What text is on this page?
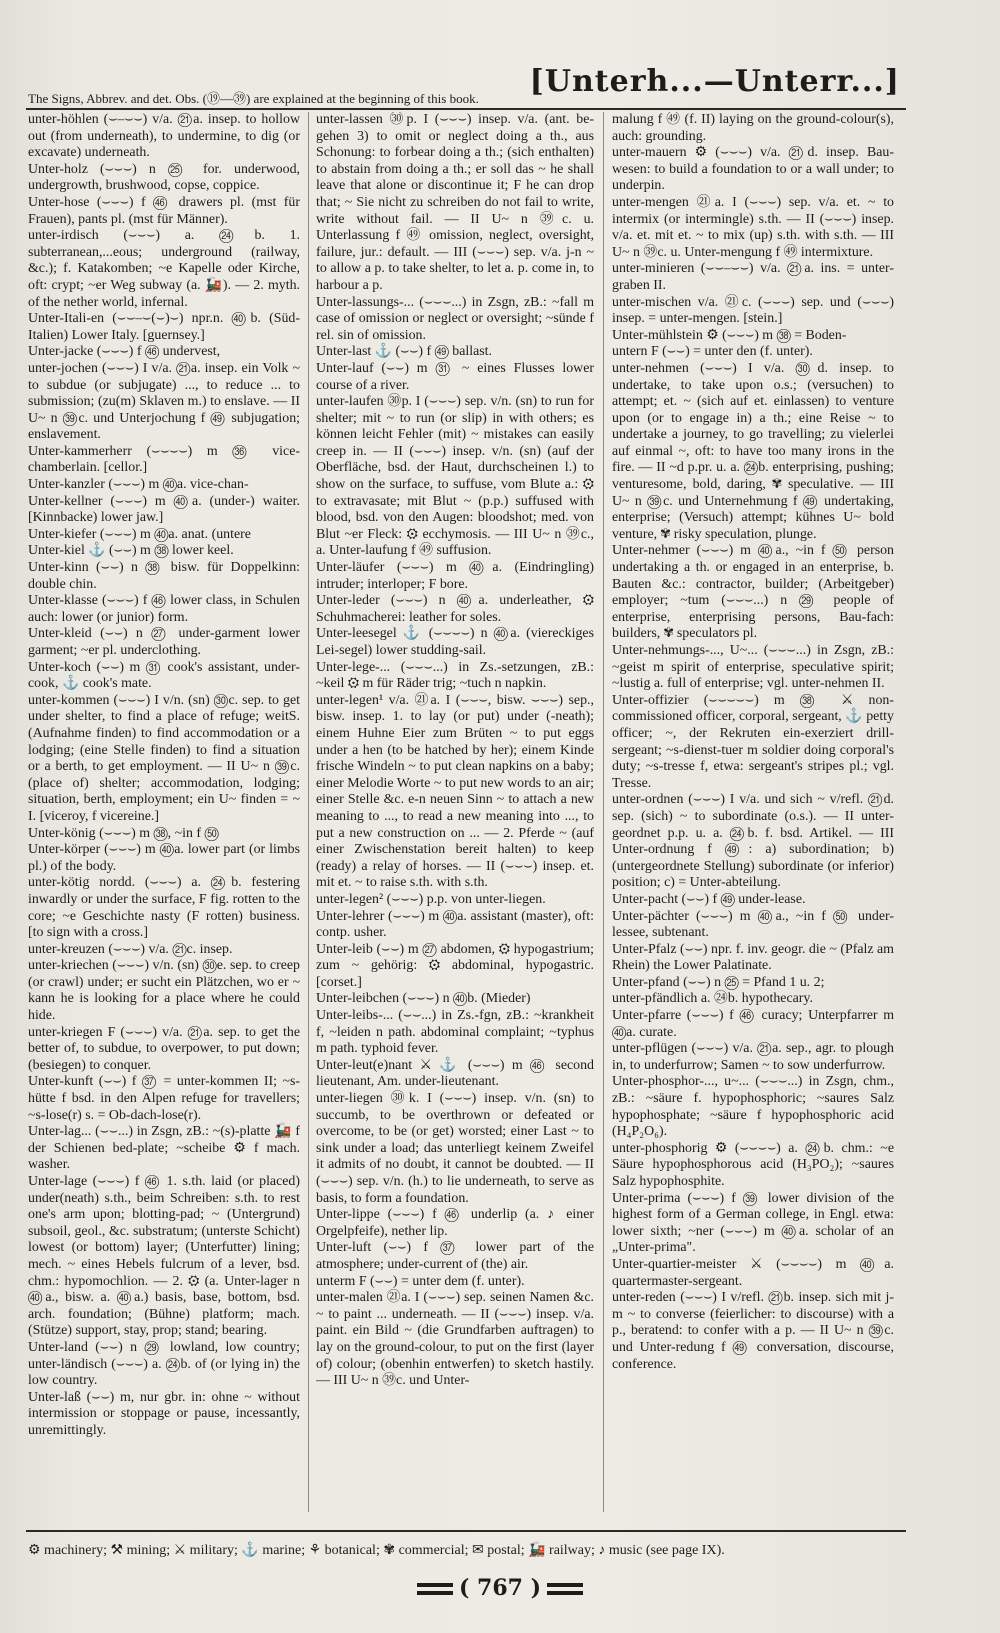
The Signs, Abbrev. and det. Obs. (⑲—㊴) are explained at the beginning of this book. [Unterh...—Unterr...]

unter-höhlen (⌣–⌣⌣) v/a. ㉑a. insep. to hollow out (from underneath), to undermine, to dig (or excavate) underneath.

Unter-holz (⌣⌣⌣) n ㉕ for. underwood, undergrowth, brushwood, copse, coppice.

Unter-hose (⌣⌣⌣) f ㊻ drawers pl. (mst für Frauen), pants pl. (mst für Männer).

unter-irdisch (⌣⌣⌣) a. ㉔b. 1. subterranean,...eous; underground (railway, &c.); f. Katakomben; ~e Kapelle oder Kirche, oft: crypt; ~er Weg subway (a. 🚂). — 2. myth. of the nether world, infernal.

Unter-Itali-en (⌣⌣–⌣(⌣)⌣) npr.n. ㊵b. (Süd-Italien) Lower Italy. [guernsey.]

Unter-jacke (⌣⌣⌣) f ㊻ undervest,

unter-jochen (⌣⌣⌣) I v/a. ㉑a. insep. ein Volk ~ to subdue (or subjugate) ..., to reduce ... to submission; (zu(m) Sklaven m.) to enslave. — II U~ n ㊴c. und Unterjochung f ㊾ subjugation; enslavement.

Unter-kammerherr (⌣⌣⌣⌣) m ㊱ vice-chamberlain. [cellor.]

Unter-kanzler (⌣⌣⌣) m ㊵a. vice-chan-

Unter-kellner (⌣⌣⌣) m ㊵a. (under-) waiter. [Kinnbacke) lower jaw.]

Unter-kiefer (⌣⌣⌣) m ㊵a. anat. (untere

Unter-kiel ⚓ (⌣⌣) m ㊳ lower keel.

Unter-kinn (⌣⌣) n ㊳ bisw. für Doppelkinn: double chin.

Unter-klasse (⌣⌣⌣) f ㊻ lower class, in Schulen auch: lower (or junior) form.

Unter-kleid (⌣⌣) n ㉗ under-garment lower garment; ~er pl. underclothing.

Unter-koch (⌣⌣) m ㉛ cook's assistant, under-cook, ⚓ cook's mate.

unter-kommen (⌣⌣⌣) I v/n. (sn) ㉚c. sep. to get under shelter, to find a place of refuge; weitS. (Aufnahme finden) to find accommodation or a lodging; (eine Stelle finden) to find a situation or a berth, to get employment. — II U~ n ㊴c. (place of) shelter; accommodation, lodging; situation, berth, employment; ein U~ finden = ~ I. [viceroy, f vicereine.]

Unter-könig (⌣⌣⌣) m ㊳, ~in f ㊿

Unter-körper (⌣⌣⌣) m ㊵a. lower part (or limbs pl.) of the body.

unter-kötig nordd. (⌣⌣⌣) a. ㉔b. festering inwardly or under the surface, F fig. rotten to the core; ~e Geschichte nasty (F rotten) business. [to sign with a cross.]

unter-kreuzen (⌣⌣⌣) v/a. ㉑c. insep.

unter-kriechen (⌣⌣⌣) v/n. (sn) ㉚e. sep. to creep (or crawl) under; er sucht ein Plätzchen, wo er ~ kann he is looking for a place where he could hide.

unter-kriegen F (⌣⌣⌣) v/a. ㉑a. sep. to get the better of, to subdue, to overpower, to put down; (besiegen) to conquer.

Unter-kunft (⌣⌣) f ㊲ = unter-kommen II; ~s-hütte f bsd. in den Alpen refuge for travellers; ~s-lose(r) s. = Ob-dach-lose(r).

Unter-lag... (⌣⌣...) in Zsgn, zB.: ~(s)-platte 🚂 f der Schienen bed-plate; ~scheibe ⚙ f mach. washer.

Unter-lage (⌣⌣⌣) f ㊻ 1. s.th. laid (or placed) under(neath) s.th., beim Schreiben: s.th. to rest one's arm upon; blotting-pad; ~ (Untergrund) subsoil, geol., &c. substratum; (unterste Schicht) lowest (or bottom) layer; (Unterfutter) lining; mech. ~ eines Hebels fulcrum of a lever, bsd. chm.: hypomochlion. — 2. ⚙ (a. Unter-lager n ㊵a., bisw. a. ㊵a.) basis, base, bottom, bsd. arch. foundation; (Bühne) platform; mach. (Stütze) support, stay, prop; stand; bearing.

Unter-land (⌣⌣) n ㉙ lowland, low country; unter-ländisch (⌣⌣⌣) a. ㉔b. of (or lying in) the low country.

Unter-laß (⌣⌣) m, nur gbr. in: ohne ~ without intermission or stoppage or pause, incessantly, unremittingly.

unter-lassen ㉚p. I (⌣⌣⌣) insep. v/a. (ant. be-gehen 3) to omit or neglect doing a th., aus Schonung: to forbear doing a th.; (sich enthalten) to abstain from doing a th.; er soll das ~ he shall leave that alone or discontinue it; F he can drop that; ~ Sie nicht zu schreiben do not fail to write, write without fail. — II U~ n ㊴c. u. Unterlassung f ㊾ omission, neglect, oversight, failure, jur.: default. — III (⌣⌣⌣) sep. v/a. j-n ~ to allow a p. to take shelter, to let a. p. come in, to harbour a p.

Unter-lassungs-... (⌣⌣⌣...) in Zsgn, zB.: ~fall m case of omission or neglect or oversight; ~sünde f rel. sin of omission.

Unter-last ⚓ (⌣⌣) f ㊾ ballast.

Unter-lauf (⌣⌣) m ㉛ ~ eines Flusses lower course of a river.

unter-laufen ㉚p. I (⌣⌣⌣) sep. v/n. (sn) to run for shelter; mit ~ to run (or slip) in with others; es können leicht Fehler (mit) ~ mistakes can easily creep in. — II (⌣⌣⌣) insep. v/n. (sn) (auf der Oberfläche, bsd. der Haut, durchscheinen l.) to show on the surface, to suffuse, vom Blute a.: ⚙ to extravasate; mit Blut ~ (p.p.) suffused with blood, bsd. von den Augen: bloodshot; med. von Blut ~er Fleck: ⚙ ecchymosis. — III U~ n ㊴c., a. Unter-laufung f ㊾ suffusion.

Unter-läufer (⌣⌣⌣) m ㊵a. (Eindringling) intruder; interloper; F bore.

Unter-leder (⌣⌣⌣) n ㊵a. underleather, ⚙ Schuhmacherei: leather for soles.

Unter-leesegel ⚓ (⌣⌣⌣⌣) n ㊵a. (viereckiges Lei-segel) lower studding-sail.

Unter-lege-... (⌣⌣⌣...) in Zs.-setzungen, zB.: ~keil ⚙ m für Räder trig; ~tuch n napkin.

unter-legen¹ v/a. ㉑a. I (⌣⌣⌣, bisw. ⌣⌣⌣) sep., bisw. insep. 1. to lay (or put) under (-neath); einem Huhne Eier zum Brüten ~ to put eggs under a hen (to be hatched by her); einem Kinde frische Windeln ~ to put clean napkins on a baby; einer Melodie Worte ~ to put new words to an air; einer Stelle &c. e-n neuen Sinn ~ to attach a new meaning to ..., to read a new meaning into ..., to put a new construction on ... — 2. Pferde ~ (auf einer Zwischenstation bereit halten) to keep (ready) a relay of horses. — II (⌣⌣⌣) insep. et. mit et. ~ to raise s.th. with s.th.

unter-legen² (⌣⌣⌣) p.p. von unter-liegen.

Unter-lehrer (⌣⌣⌣) m ㊵a. assistant (master), oft: contp. usher.

Unter-leib (⌣⌣) m ㉗ abdomen, ⚙ hypogastrium; zum ~ gehörig: ⚙ abdominal, hypogastric. [corset.]

Unter-leibchen (⌣⌣⌣) n ㊵b. (Mieder)

Unter-leibs-... (⌣⌣...) in Zs.-fgn, zB.: ~krankheit f, ~leiden n path. abdominal complaint; ~typhus m path. typhoid fever.

Unter-leut(e)nant ⚔ ⚓ (⌣⌣⌣) m ㊻ second lieutenant, Am. under-lieutenant.

unter-liegen ㉚k. I (⌣⌣⌣) insep. v/n. (sn) to succumb, to be overthrown or defeated or overcome, to be (or get) worsted; einer Last ~ to sink under a load; das unterliegt keinem Zweifel it admits of no doubt, it cannot be doubted. — II (⌣⌣⌣) sep. v/n. (h.) to lie underneath, to serve as basis, to form a foundation.

Unter-lippe (⌣⌣⌣) f ㊻ underlip (a. ♪ einer Orgelpfeife), nether lip.

Unter-luft (⌣⌣) f ㊲ lower part of the atmosphere; under-current of (the) air.

unterm F (⌣⌣) = unter dem (f. unter).

unter-malen ㉑a. I (⌣⌣⌣) sep. seinen Namen &c. ~ to paint ... underneath. — II (⌣⌣⌣) insep. v/a. paint. ein Bild ~ (die Grundfarben auftragen) to lay on the ground-colour, to put on the first (layer of) colour; (obenhin entwerfen) to sketch hastily. — III U~ n ㊴c. und Unter-

malung f ㊾ (f. II) laying on the ground-colour(s), auch: grounding.

unter-mauern ⚙ (⌣⌣⌣) v/a. ㉑d. insep. Bau-wesen: to build a foundation to or a wall under; to underpin.

unter-mengen ㉑a. I (⌣⌣⌣) sep. v/a. et. ~ to intermix (or intermingle) s.th. — II (⌣⌣⌣) insep. v/a. et. mit et. ~ to mix (up) s.th. with s.th. — III U~ n ㊴c. u. Unter-mengung f ㊾ intermixture.

unter-minieren (⌣⌣–⌣⌣) v/a. ㉑a. ins. = unter-graben II.

unter-mischen v/a. ㉑c. (⌣⌣⌣) sep. und (⌣⌣⌣) insep. = unter-mengen. [stein.]

Unter-mühlstein ⚙ (⌣⌣⌣) m ㊳ = Boden-

untern F (⌣⌣) = unter den (f. unter).

unter-nehmen (⌣⌣⌣) I v/a. ㉚d. insep. to undertake, to take upon o.s.; (versuchen) to attempt; et. ~ (sich auf et. einlassen) to venture upon (or to engage in) a th.; eine Reise ~ to undertake a journey, to go travelling; zu vielerlei auf einmal ~, oft: to have too many irons in the fire. — II ~d p.pr. u. a. ㉔b. enterprising, pushing; venturesome, bold, daring, ✾ speculative. — III U~ n ㊴c. und Unternehmung f ㊾ undertaking, enterprise; (Versuch) attempt; kühnes U~ bold venture, ✾ risky speculation, plunge.

Unter-nehmer (⌣⌣⌣) m ㊵a., ~in f ㊿ person undertaking a th. or engaged in an enterprise, b. Bauten &c.: contractor, builder; (Arbeitgeber) employer; ~tum (⌣⌣⌣...) n ㉙ people of enterprise, enterprising persons, Bau-fach: builders, ✾ speculators pl.

Unter-nehmungs-..., U~... (⌣⌣⌣...) in Zsgn, zB.: ~geist m spirit of enterprise, speculative spirit; ~lustig a. full of enterprise; vgl. unter-nehmen II.

Unter-offizier (⌣⌣⌣⌣⌣) m ㊳ ⚔ non-commissioned officer, corporal, sergeant, ⚓ petty officer; ~, der Rekruten ein-exerziert drill-sergeant; ~s-dienst-tuer m soldier doing corporal's duty; ~s-tresse f, etwa: sergeant's stripes pl.; vgl. Tresse.

unter-ordnen (⌣⌣⌣) I v/a. und sich ~ v/refl. ㉑d. sep. (sich) ~ to subordinate (o.s.). — II unter-geordnet p.p. u. a. ㉔b. f. bsd. Artikel. — III Unter-ordnung f ㊾: a) subordination; b) (untergeordnete Stellung) subordinate (or inferior) position; c) = Unter-abteilung.

Unter-pacht (⌣⌣) f ㊾ under-lease.

Unter-pächter (⌣⌣⌣) m ㊵a., ~in f ㊿ under-lessee, subtenant.

Unter-Pfalz (⌣⌣) npr. f. inv. geogr. die ~ (Pfalz am Rhein) the Lower Palatinate.

Unter-pfand (⌣⌣) n ㉕ = Pfand 1 u. 2;

unter-pfändlich a. ㉔b. hypothecary.

Unter-pfarre (⌣⌣⌣) f ㊻ curacy; Unterpfarrer m ㊵a. curate.

unter-pflügen (⌣⌣⌣) v/a. ㉑a. sep., agr. to plough in, to underfurrow; Samen ~ to sow underfurrow.

Unter-phosphor-..., u~... (⌣⌣⌣...) in Zsgn, chm., zB.: ~säure f. hypophosphoric; ~saures Salz hypophosphate; ~säure f hypophosphoric acid (H₄P₂O₆).

unter-phosphorig ⚙ (⌣⌣⌣⌣) a. ㉔b. chm.: ~e Säure hypophosphorous acid (H₃PO₂); ~saures Salz hypophosphite.

Unter-prima (⌣⌣⌣) f ㊴ lower division of the highest form of a German college, in Engl. etwa: lower sixth; ~ner (⌣⌣⌣) m ㊵a. scholar of an „Unter-prima".

Unter-quartier-meister ⚔ (⌣⌣⌣⌣) m ㊵a. quartermaster-sergeant.

unter-reden (⌣⌣⌣) I v/refl. ㉑b. insep. sich mit j-m ~ to converse (feierlicher: to discourse) with a p., beratend: to confer with a p. — II U~ n ㊴c. und Unter-redung f ㊾ conversation, discourse, conference.

⚙ machinery; ⚒ mining; ⚔ military; ⚓ marine; ⚘ botanical; ✾ commercial; ✉ postal; 🚂 railway; ♪ music (see page IX).
( 767 )
